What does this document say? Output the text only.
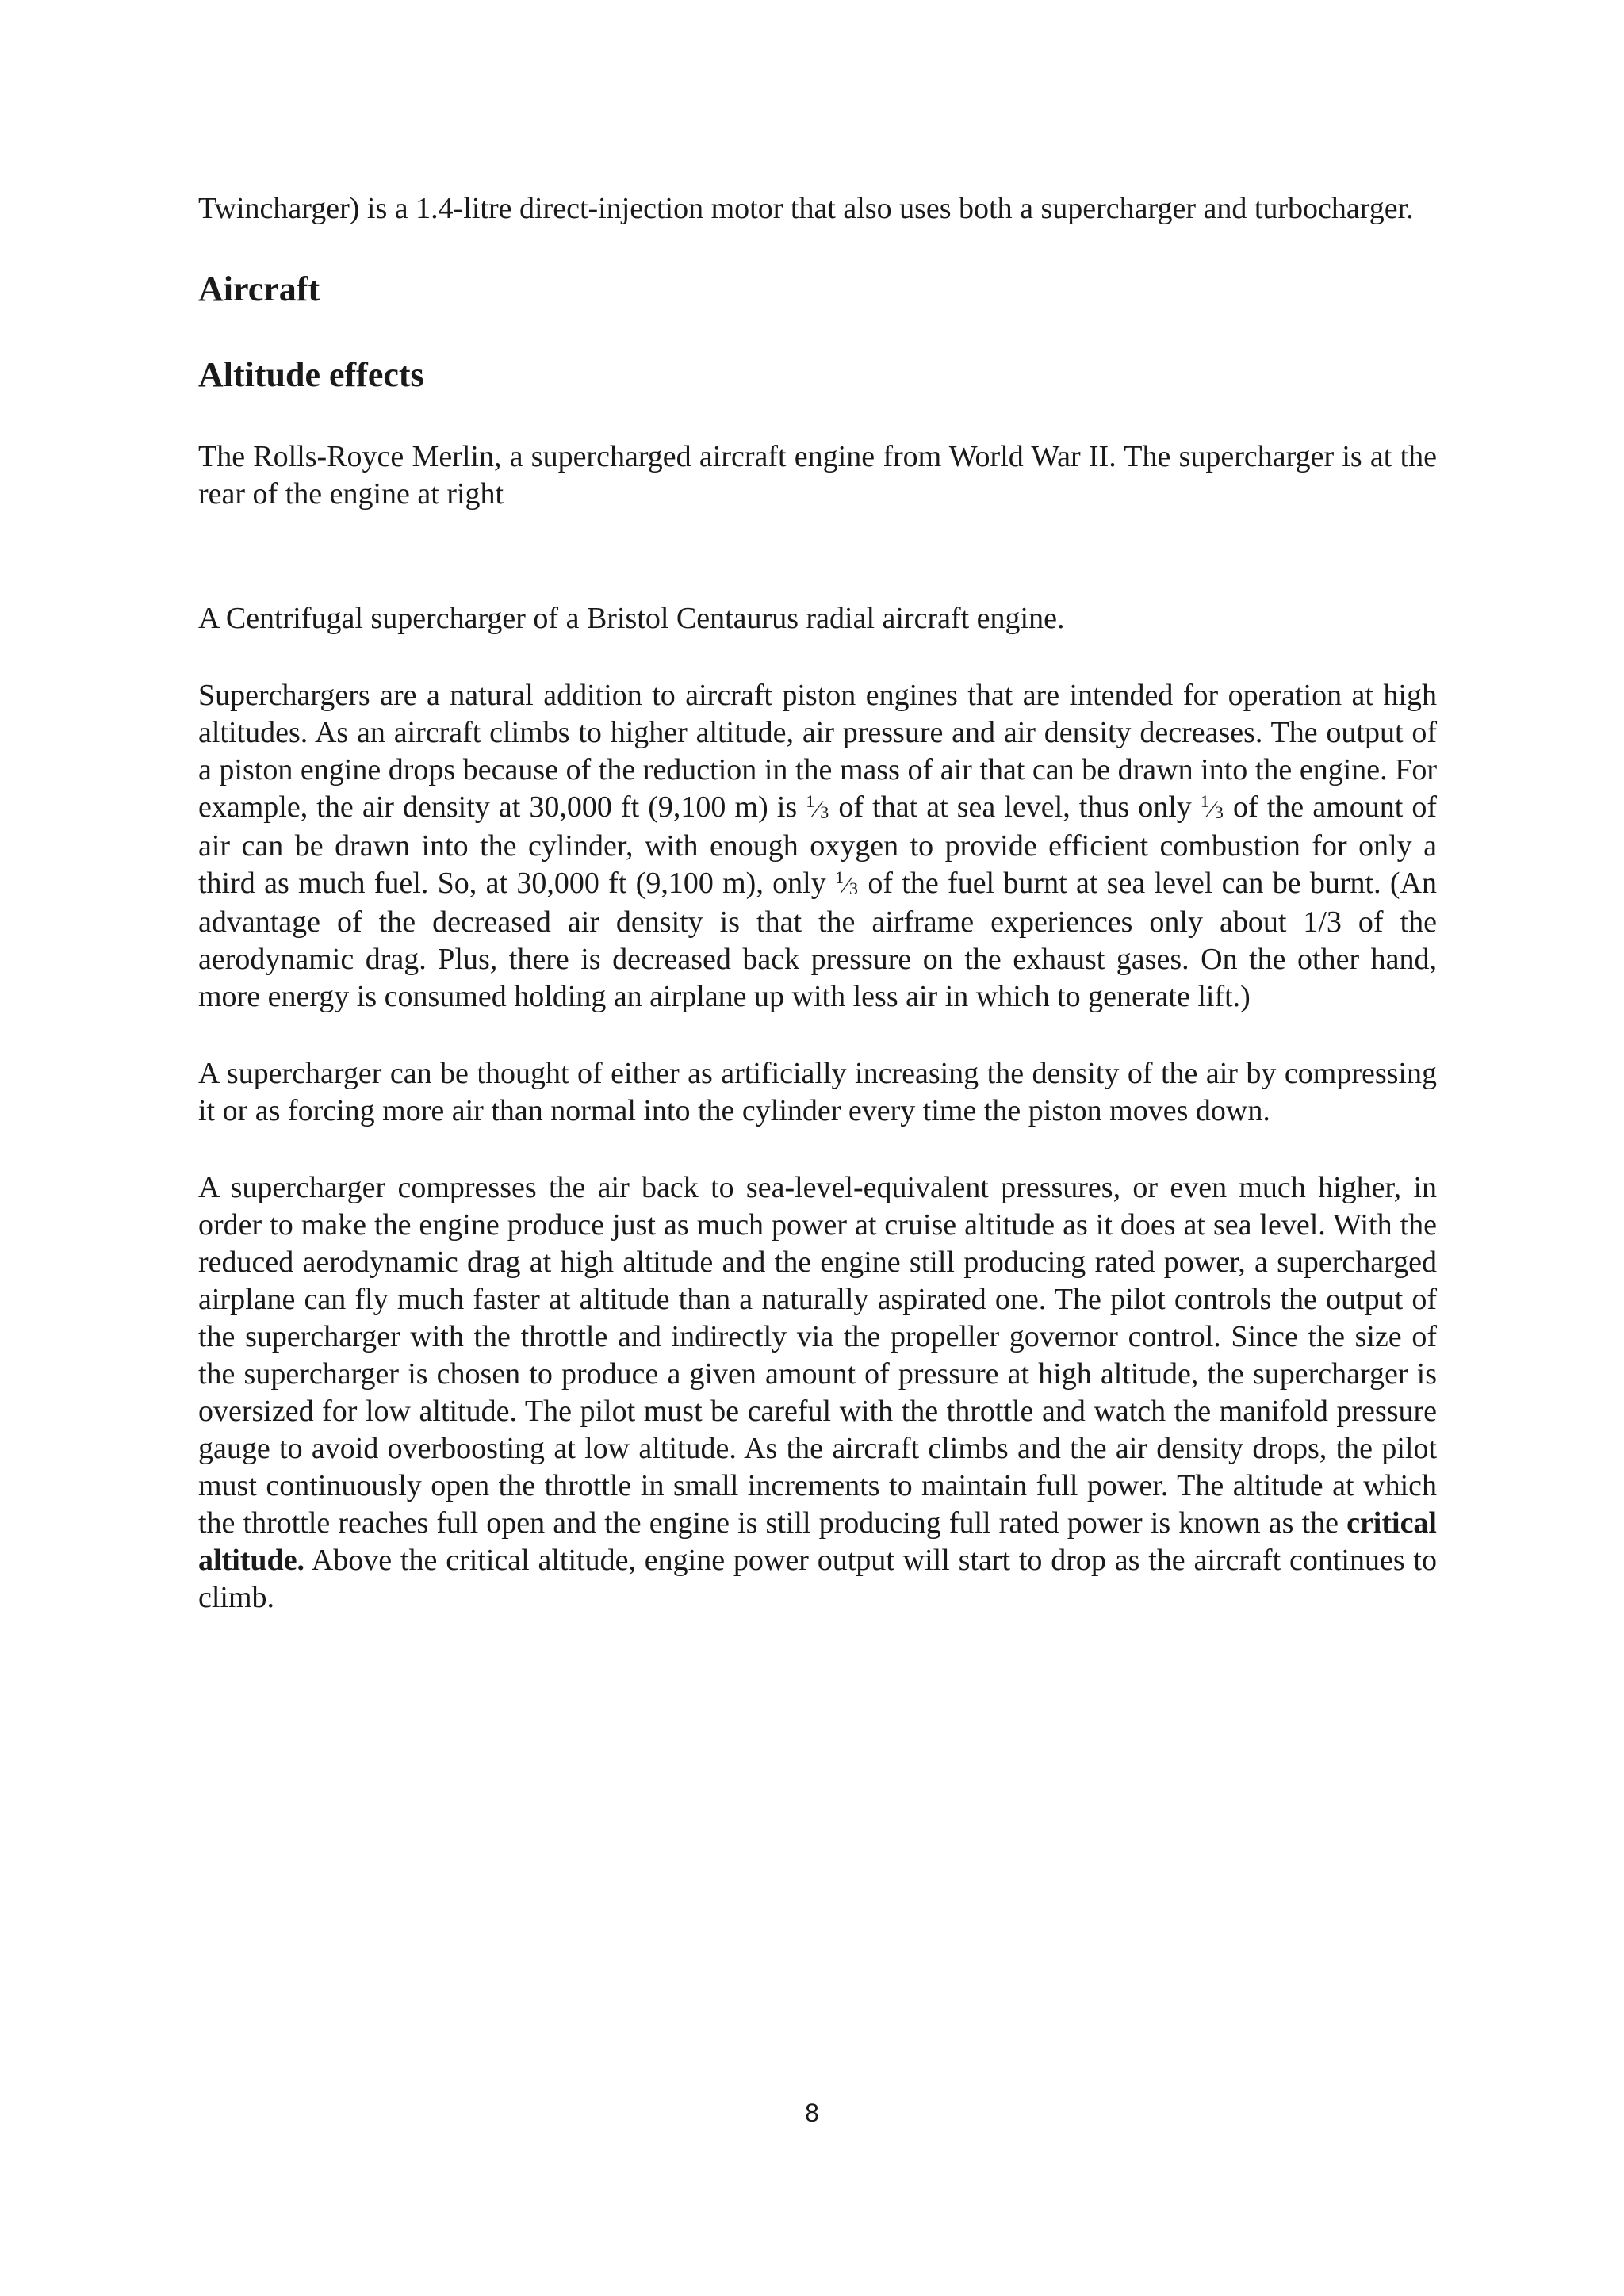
Twincharger) is a 1.4-litre direct-injection motor that also uses both a supercharger and turbocharger.

Aircraft
Altitude effects

The Rolls-Royce Merlin, a supercharged aircraft engine from World War II. The supercharger is at the rear of the engine at right

A Centrifugal supercharger of a Bristol Centaurus radial aircraft engine.

Superchargers are a natural addition to aircraft piston engines that are intended for operation at high altitudes. As an aircraft climbs to higher altitude, air pressure and air density decreases. The output of a piston engine drops because of the reduction in the mass of air that can be drawn into the engine. For example, the air density at 30,000 ft (9,100 m) is $^1⁄_3$ of that at sea level, thus only $^1⁄_3$ of the amount of air can be drawn into the cylinder, with enough oxygen to provide efficient combustion for only a third as much fuel. So, at 30,000 ft (9,100 m), only $^1⁄_3$ of the fuel burnt at sea level can be burnt. (An advantage of the decreased air density is that the airframe experiences only about 1/3 of the aerodynamic drag. Plus, there is decreased back pressure on the exhaust gases. On the other hand, more energy is consumed holding an airplane up with less air in which to generate lift.)

A supercharger can be thought of either as artificially increasing the density of the air by compressing it or as forcing more air than normal into the cylinder every time the piston moves down.

A supercharger compresses the air back to sea-level-equivalent pressures, or even much higher, in order to make the engine produce just as much power at cruise altitude as it does at sea level. With the reduced aerodynamic drag at high altitude and the engine still producing rated power, a supercharged airplane can fly much faster at altitude than a naturally aspirated one. The pilot controls the output of the supercharger with the throttle and indirectly via the propeller governor control. Since the size of the supercharger is chosen to produce a given amount of pressure at high altitude, the supercharger is oversized for low altitude. The pilot must be careful with the throttle and watch the manifold pressure gauge to avoid overboosting at low altitude. As the aircraft climbs and the air density drops, the pilot must continuously open the throttle in small increments to maintain full power. The altitude at which the throttle reaches full open and the engine is still producing full rated power is known as the critical altitude. Above the critical altitude, engine power output will start to drop as the aircraft continues to climb.

8
